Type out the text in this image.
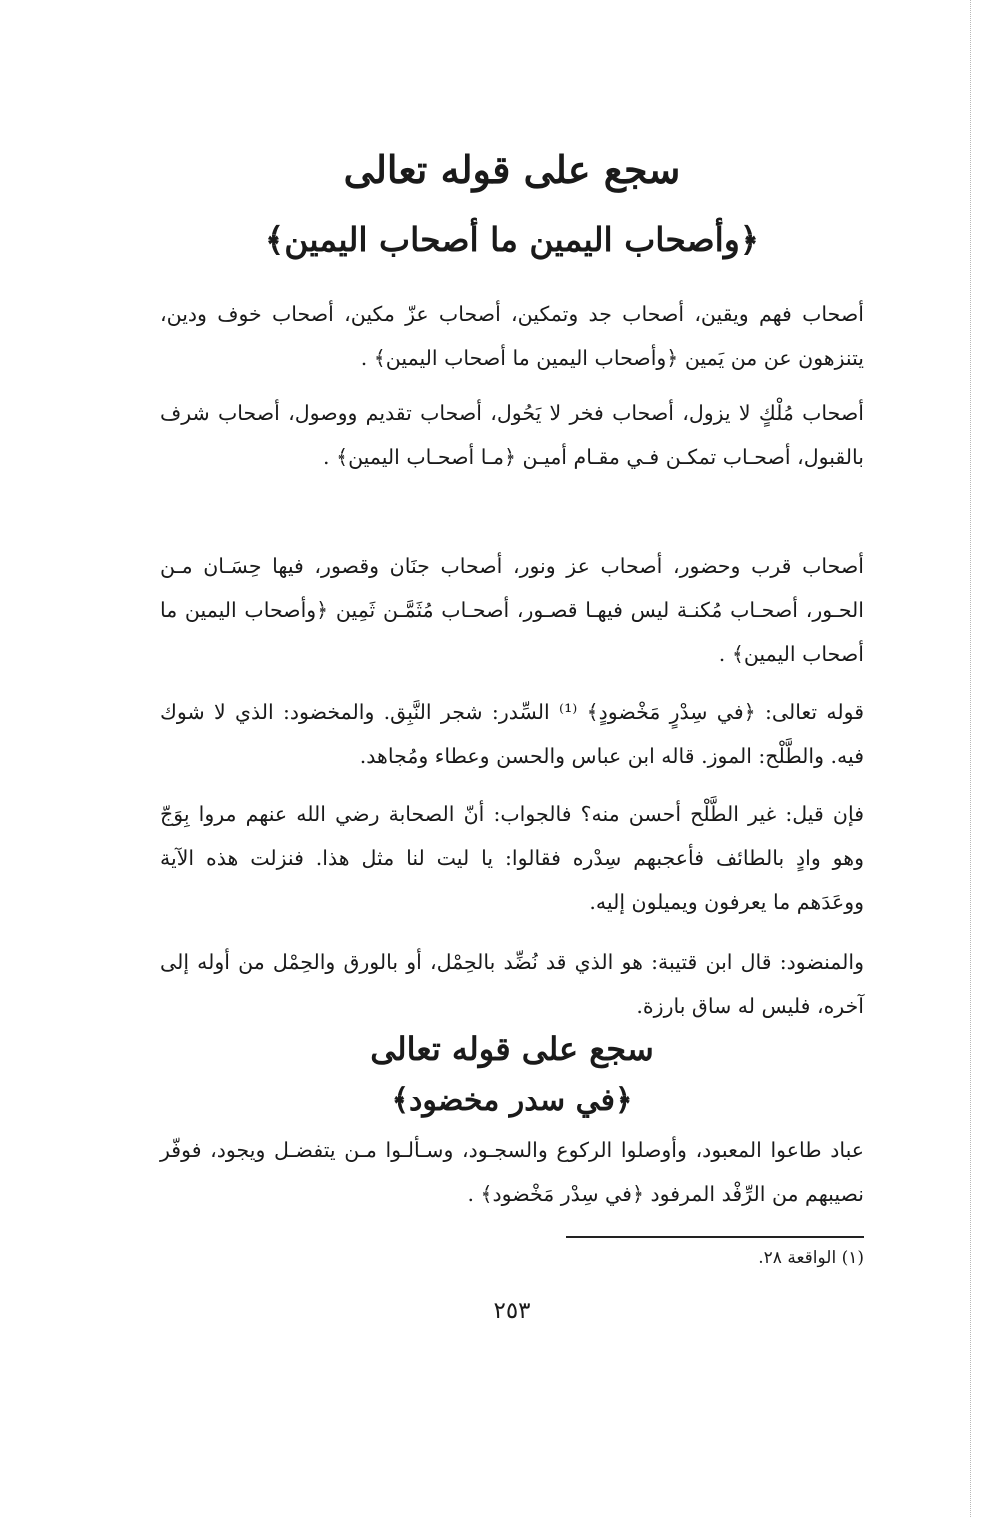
سجع على قوله تعالى
﴿وأصحاب اليمين ما أصحاب اليمين﴾

أصحاب فهم ويقين، أصحاب جد وتمكين، أصحاب عزّ مكين، أصحاب خوف ودين، يتنزهون عن من يَمين ﴿وأصحاب اليمين ما أصحاب اليمين﴾ .

أصحاب مُلْكٍ لا يزول، أصحاب فخر لا يَحُول، أصحاب تقديم ووصول، أصحاب شرف بالقبول، أصحـاب تمكـن فـي مقـام أميـن ﴿مـا أصحـاب اليمين﴾ .

أصحاب قرب وحضور، أصحاب عز ونور، أصحاب جنَان وقصور، فيها حِسَـان مـن الحـور، أصحـاب مُكنـة ليس فيهـا قصـور، أصحـاب مُثَمَّـن ثَمِين ﴿وأصحاب اليمين ما أصحاب اليمين﴾ .

قوله تعالى: ﴿في سِدْرٍ مَخْضودٍ﴾ ⁽¹⁾ السِّدر: شجر النَّبِق. والمخضود: الذي لا شوك فيه. والطَّلْح: الموز. قاله ابن عباس والحسن وعطاء ومُجاهد.

فإن قيل: غير الطَّلْح أحسن منه؟ فالجواب: أنّ الصحابة رضي الله عنهم مروا بِوَجّ وهو وادٍ بالطائف فأعجبهم سِدْره فقالوا: يا ليت لنا مثل هذا. فنزلت هذه الآية ووعَدَهم ما يعرفون ويميلون إليه.

والمنضود: قال ابن قتيبة: هو الذي قد نُضِّد بالحِمْل، أو بالورق والحِمْل من أوله إلى آخره، فليس له ساق بارزة.

سجع على قوله تعالى
﴿في سدر مخضود﴾

عباد طاعوا المعبود، وأوصلوا الركوع والسجـود، وسـألـوا مـن يتفضـل ويجود، فوفّر نصيبهم من الرِّفْد المرفود ﴿في سِدْر مَخْضود﴾ .

(١) الواقعة ٢٨.

٢٥٣
